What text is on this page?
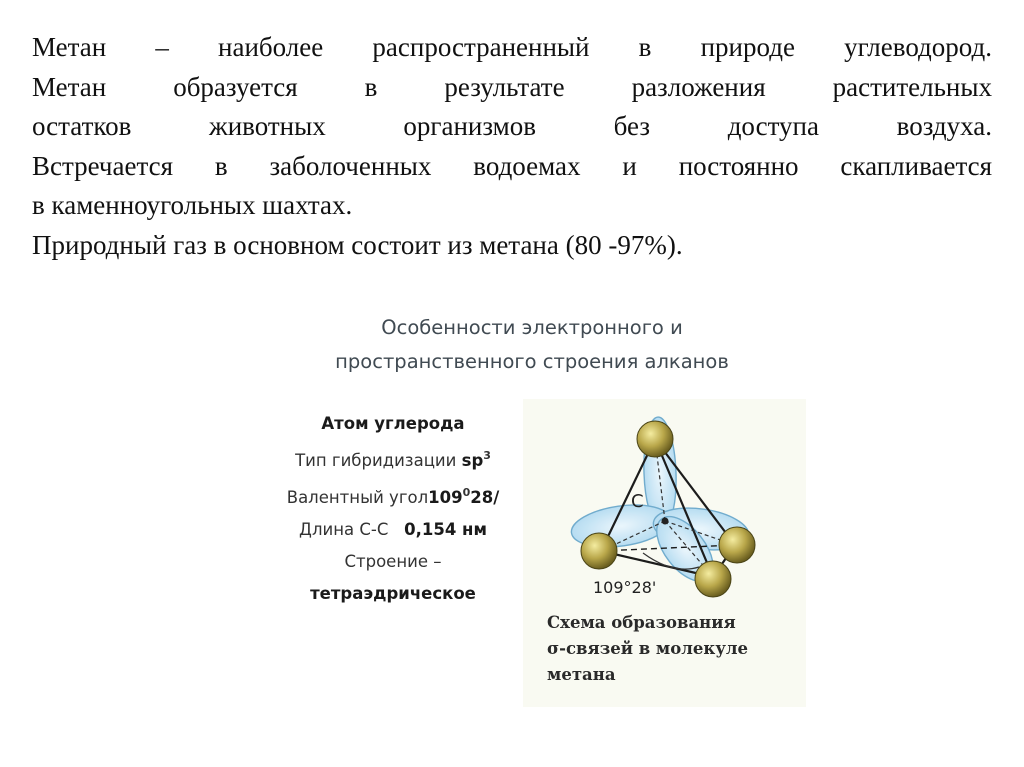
Метан – наиболее распространенный в природе углеводород.

Метан образуется в результате разложения растительных

остатков животных организмов без доступа воздуха.

Встречается в заболоченных водоемах и постоянно скапливается

в каменноугольных шахтах.

Природный газ в основном состоит из метана (80 -97%).

Особенности электронного и
пространственного строения алканов
Атом углерода
Тип гибридизации $sp^3$
Валентный $угол109^028/$
Длина С-С 0,154 нм
Строение –
тетраэдрическое
C
109°28'
Схема образования
σ-связей в молекуле
метана
